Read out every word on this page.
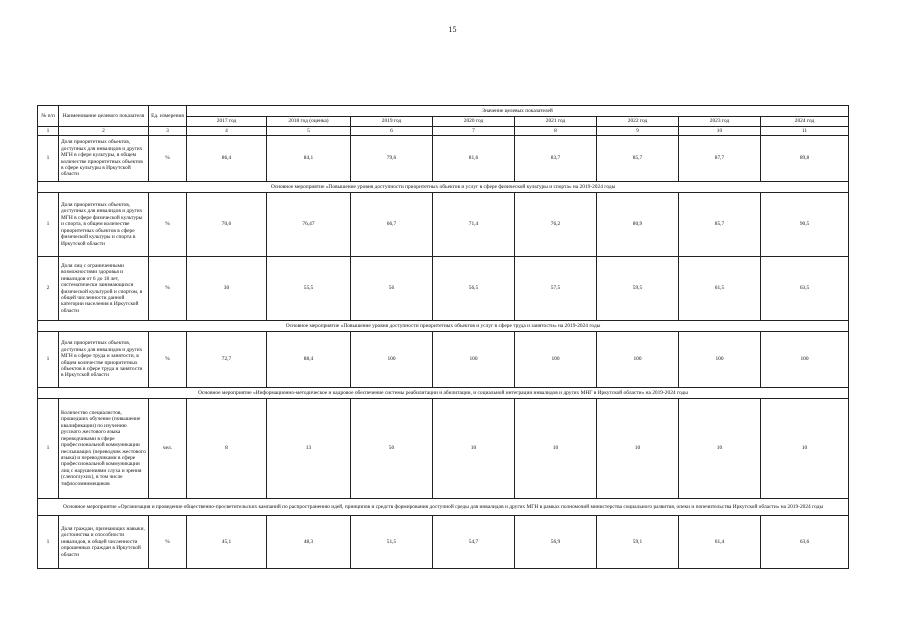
15
№ п/п	Наименование целевого показателя	Ед. измерения	Значение целевых показателей							
			2017 год	2018 год (оценка)	2019 год	2020 год	2021 год	2022 год	2023 год	2024 год
1	2	3	4	5	6	7	8	9	10	11
1	Доля приоритетных объектов, доступных для инвалидов и других МГН в сфере культуры, в общем количестве приоритетных объектов в сфере культуры в Иркутской области	%	86,4	84,1	79,6	81,6	83,7	85,7	87,7	89,8
Основное мероприятие «Повышение уровня доступности приоритетных объектов и услуг в сфере физической культуры и спорта» на 2019-2024 годы										
1	Доля приоритетных объектов, доступных для инвалидов и других МГН в сфере физической культуры и спорта, в общем количестве приоритетных объектов в сфере физической культуры и спорта в Иркутской области	%	70,6	76,47	66,7	71,4	76,2	80,9	85,7	90,5
2	Доля лиц с ограниченными возможностями здоровья и инвалидов от 6 до 18 лет, систематически занимающихся физической культурой и спортом, в общей численности данной категории населения в Иркутской области	%	30	55,5	56	56,5	57,5	59,5	61,5	63,5
Основное мероприятие «Повышение уровня доступности приоритетных объектов и услуг в сфере труда и занятости» на 2019-2024 годы										
1	Доля приоритетных объектов, доступных для инвалидов и других МГН в сфере труда и занятости, в общем количестве приоритетных объектов в сфере труда и занятости в Иркутской области	%	72,7	88,4	100	100	100	100	100	100
Основное мероприятие «Информационно-методическое и кадровое обеспечение системы реабилитации и абилитации, и социальной интеграции инвалидов и других МНГ в Иркутской области» на 2019-2024 годы										
1	Количество специалистов, прошедших обучение (повышение квалификации) по изучению русского жестового языка переводчиками в сфере профессиональной коммуникации неслышащих (переводчик жестового языка) и переводчиками в сфере профессиональной коммуникации лиц с нарушениями слуха и зрения (слепоглухих), в том числе тифлосомнимещиков	чел.	8	13	50	10	10	10	10	10
Основное мероприятие «Организация и проведение общественно-просветительских кампаний по распространению идей, принципов и средств формирования доступной среды для инвалидов и других МГН в рамках полномочий министерства социального развития, опеки и попечительства Иркутской области» на 2019-2024 годы										
1	Доля граждан, признающих навыки, достоинства и способности инвалидов, в общей численности опрошенных граждан в Иркутской области	%	45,1	48,3	51,5	54,7	56,9	59,1	61,4	63,6
